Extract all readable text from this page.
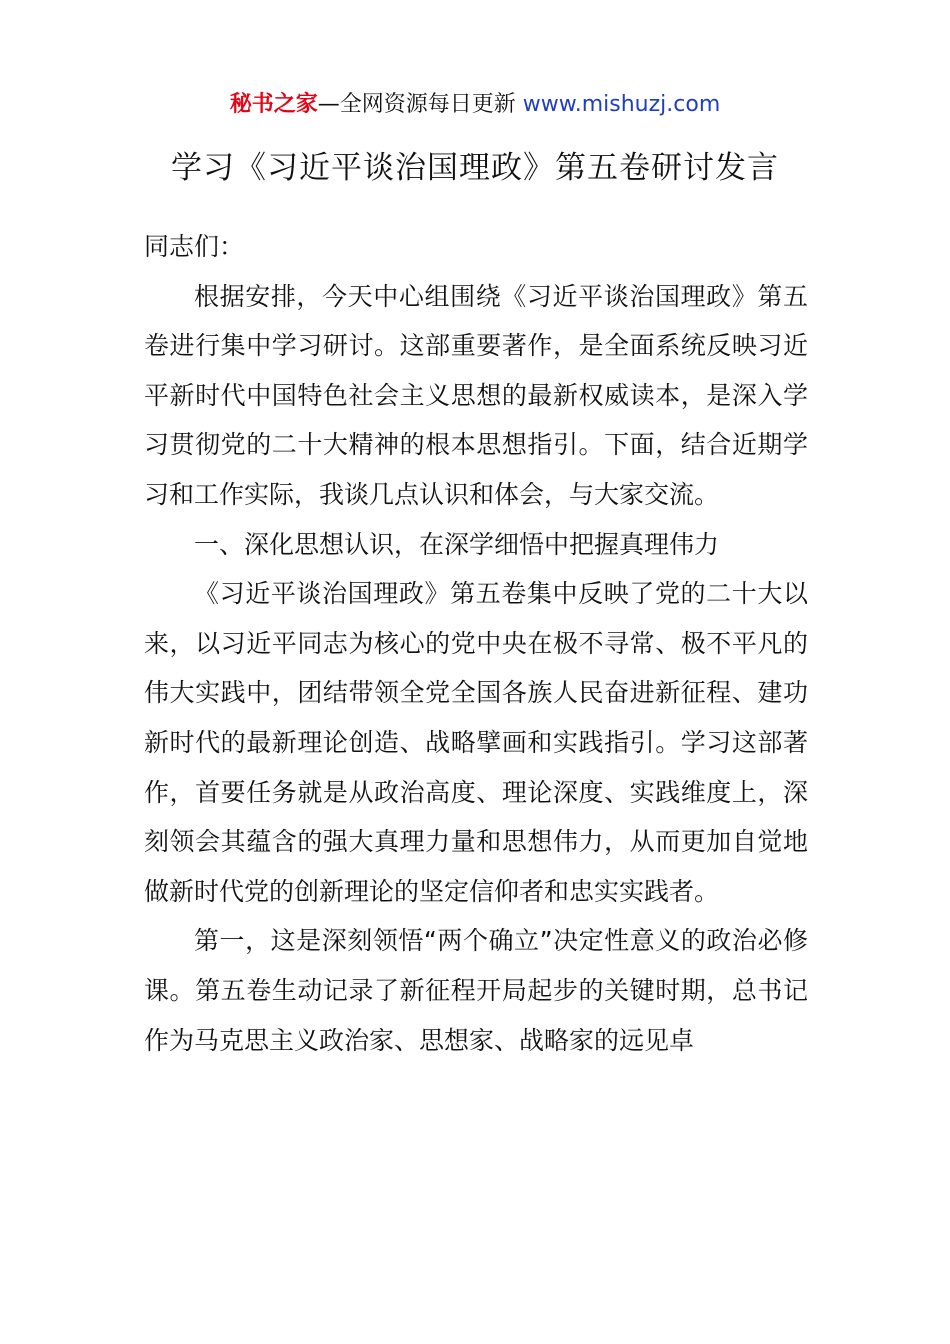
秘书之家—全网资源每日更新 www.mishuzj.com
学习《习近平谈治国理政》第五卷研讨发言

同志们：

根据安排，今天中心组围绕《习近平谈治国理政》第五卷进行集中学习研讨。这部重要著作，是全面系统反映习近平新时代中国特色社会主义思想的最新权威读本，是深入学习贯彻党的二十大精神的根本思想指引。下面，结合近期学习和工作实际，我谈几点认识和体会，与大家交流。

一、深化思想认识，在深学细悟中把握真理伟力

《习近平谈治国理政》第五卷集中反映了党的二十大以来，以习近平同志为核心的党中央在极不寻常、极不平凡的伟大实践中，团结带领全党全国各族人民奋进新征程、建功新时代的最新理论创造、战略擘画和实践指引。学习这部著作，首要任务就是从政治高度、理论深度、实践维度上，深刻领会其蕴含的强大真理力量和思想伟力，从而更加自觉地做新时代党的创新理论的坚定信仰者和忠实实践者。

第一，这是深刻领悟“两个确立”决定性意义的政治必修课。第五卷生动记录了新征程开局起步的关键时期，总书记作为马克思主义政治家、思想家、战略家的远见卓
